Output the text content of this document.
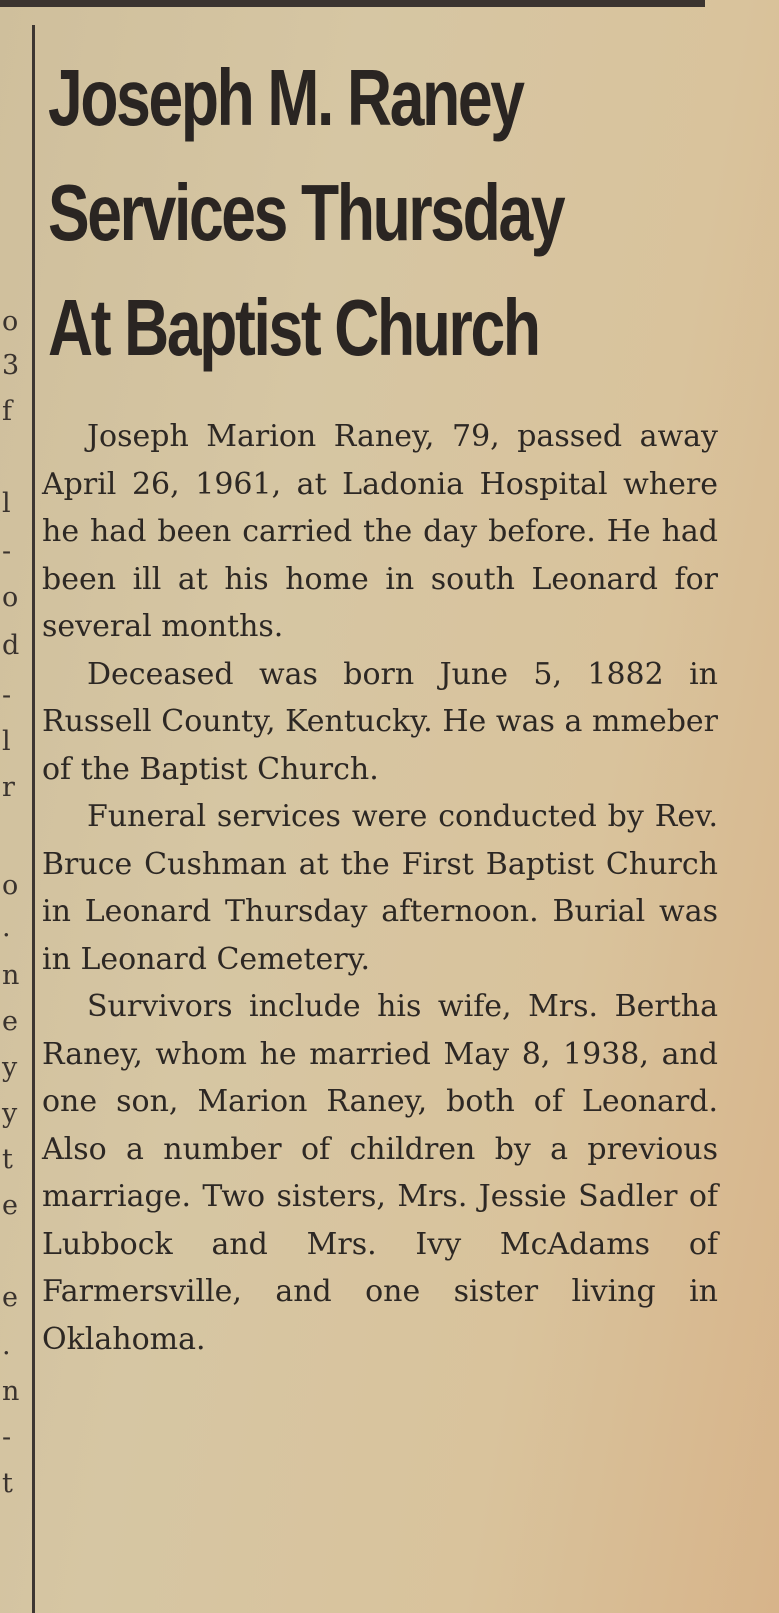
o
3
f
l
-
o
d
-
l
r
o
.
n
e
y
y
t
e
e
.
n
-
t
Joseph M. Raney
Services Thursday
At Baptist Church

Joseph Marion Raney, 79, passed away April 26, 1961, at Ladonia Hospital where he had been carried the day before. He had been ill at his home in south Leonard for several months.

Deceased was born June 5, 1882 in Russell County, Kentucky. He was a mmeber of the Baptist Church.

Funeral services were conducted by Rev. Bruce Cushman at the First Baptist Church in Leonard Thursday afternoon. Burial was in Leonard Cemetery.

Survivors include his wife, Mrs. Bertha Raney, whom he married May 8, 1938, and one son, Marion Raney, both of Leonard. Also a number of children by a previous marriage. Two sisters, Mrs. Jessie Sadler of Lubbock and Mrs. Ivy McAdams of Farmersville, and one sister living in Oklahoma.
